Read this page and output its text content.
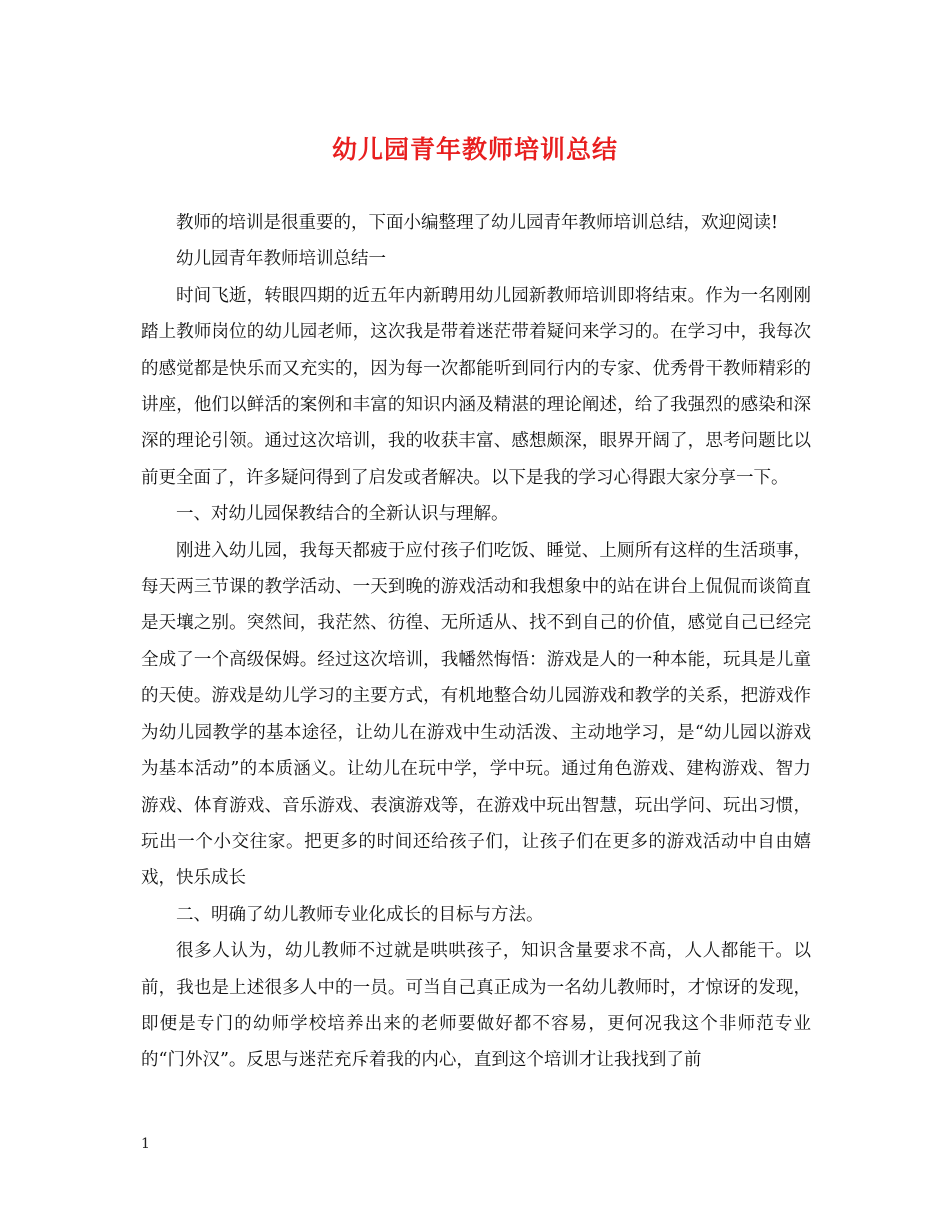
幼儿园青年教师培训总结

教师的培训是很重要的，下面小编整理了幼儿园青年教师培训总结，欢迎阅读!

幼儿园青年教师培训总结一

时间飞逝，转眼四期的近五年内新聘用幼儿园新教师培训即将结束。作为一名刚刚踏上教师岗位的幼儿园老师，这次我是带着迷茫带着疑问来学习的。在学习中，我每次的感觉都是快乐而又充实的，因为每一次都能听到同行内的专家、优秀骨干教师精彩的讲座，他们以鲜活的案例和丰富的知识内涵及精湛的理论阐述，给了我强烈的感染和深深的理论引领。通过这次培训，我的收获丰富、感想颇深，眼界开阔了，思考问题比以前更全面了，许多疑问得到了启发或者解决。以下是我的学习心得跟大家分享一下。

一、对幼儿园保教结合的全新认识与理解。

刚进入幼儿园，我每天都疲于应付孩子们吃饭、睡觉、上厕所有这样的生活琐事，每天两三节课的教学活动、一天到晚的游戏活动和我想象中的站在讲台上侃侃而谈简直是天壤之别。突然间，我茫然、彷徨、无所适从、找不到自己的价值，感觉自己已经完全成了一个高级保姆。经过这次培训，我幡然悔悟：游戏是人的一种本能，玩具是儿童的天使。游戏是幼儿学习的主要方式，有机地整合幼儿园游戏和教学的关系，把游戏作为幼儿园教学的基本途径，让幼儿在游戏中生动活泼、主动地学习，是“幼儿园以游戏为基本活动”的本质涵义。让幼儿在玩中学，学中玩。通过角色游戏、建构游戏、智力游戏、体育游戏、音乐游戏、表演游戏等，在游戏中玩出智慧，玩出学问、玩出习惯，玩出一个小交往家。把更多的时间还给孩子们，让孩子们在更多的游戏活动中自由嬉戏，快乐成长

二、明确了幼儿教师专业化成长的目标与方法。

很多人认为，幼儿教师不过就是哄哄孩子，知识含量要求不高，人人都能干。以前，我也是上述很多人中的一员。可当自己真正成为一名幼儿教师时，才惊讶的发现，即便是专门的幼师学校培养出来的老师要做好都不容易，更何况我这个非师范专业的“门外汉”。反思与迷茫充斥着我的内心，直到这个培训才让我找到了前

1
